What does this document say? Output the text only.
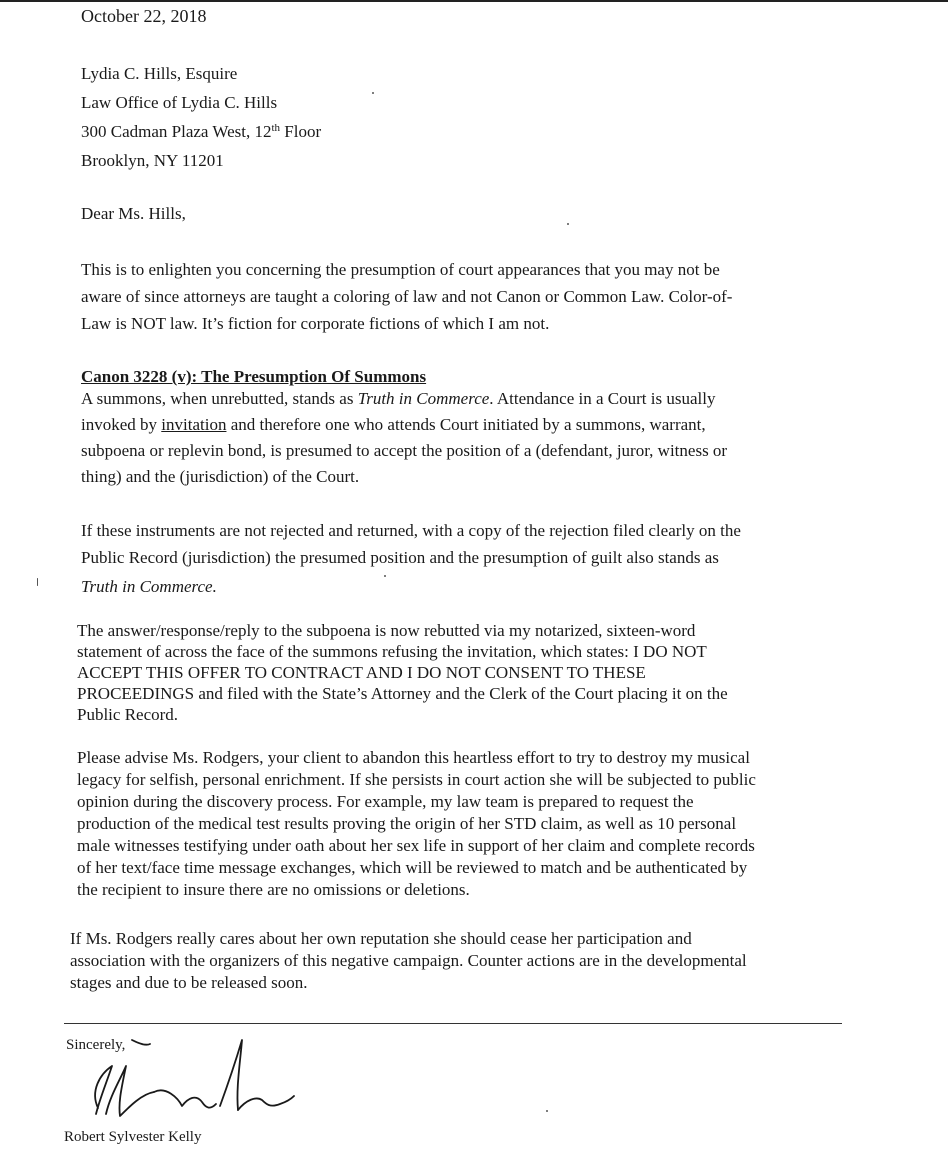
October 22, 2018
Lydia C. Hills, Esquire
Law Office of Lydia C. Hills
300 Cadman Plaza West, 12th Floor
Brooklyn, NY 11201
Dear Ms. Hills,
This is to enlighten you concerning the presumption of court appearances that you may not be
aware of since attorneys are taught a coloring of law and not Canon or Common Law. Color-of-
Law is NOT law. It’s fiction for corporate fictions of which I am not.
Canon 3228 (v): The Presumption Of Summons
A summons, when unrebutted, stands as Truth in Commerce. Attendance in a Court is usually
invoked by invitation and therefore one who attends Court initiated by a summons, warrant,
subpoena or replevin bond, is presumed to accept the position of a (defendant, juror, witness or
thing) and the (jurisdiction) of the Court.
If these instruments are not rejected and returned, with a copy of the rejection filed clearly on the
Public Record (jurisdiction) the presumed position and the presumption of guilt also stands as
Truth in Commerce.
The answer/response/reply to the subpoena is now rebutted via my notarized, sixteen-word
statement of across the face of the summons refusing the invitation, which states: I DO NOT
ACCEPT THIS OFFER TO CONTRACT AND I DO NOT CONSENT TO THESE
PROCEEDINGS and filed with the State’s Attorney and the Clerk of the Court placing it on the
Public Record.
Please advise Ms. Rodgers, your client to abandon this heartless effort to try to destroy my musical
legacy for selfish, personal enrichment. If she persists in court action she will be subjected to public
opinion during the discovery process. For example, my law team is prepared to request the
production of the medical test results proving the origin of her STD claim, as well as 10 personal
male witnesses testifying under oath about her sex life in support of her claim and complete records
of her text/face time message exchanges, which will be reviewed to match and be authenticated by
the recipient to insure there are no omissions or deletions.
If Ms. Rodgers really cares about her own reputation she should cease her participation and
association with the organizers of this negative campaign. Counter actions are in the developmental
stages and due to be released soon.
Sincerely,
Robert Sylvester Kelly
